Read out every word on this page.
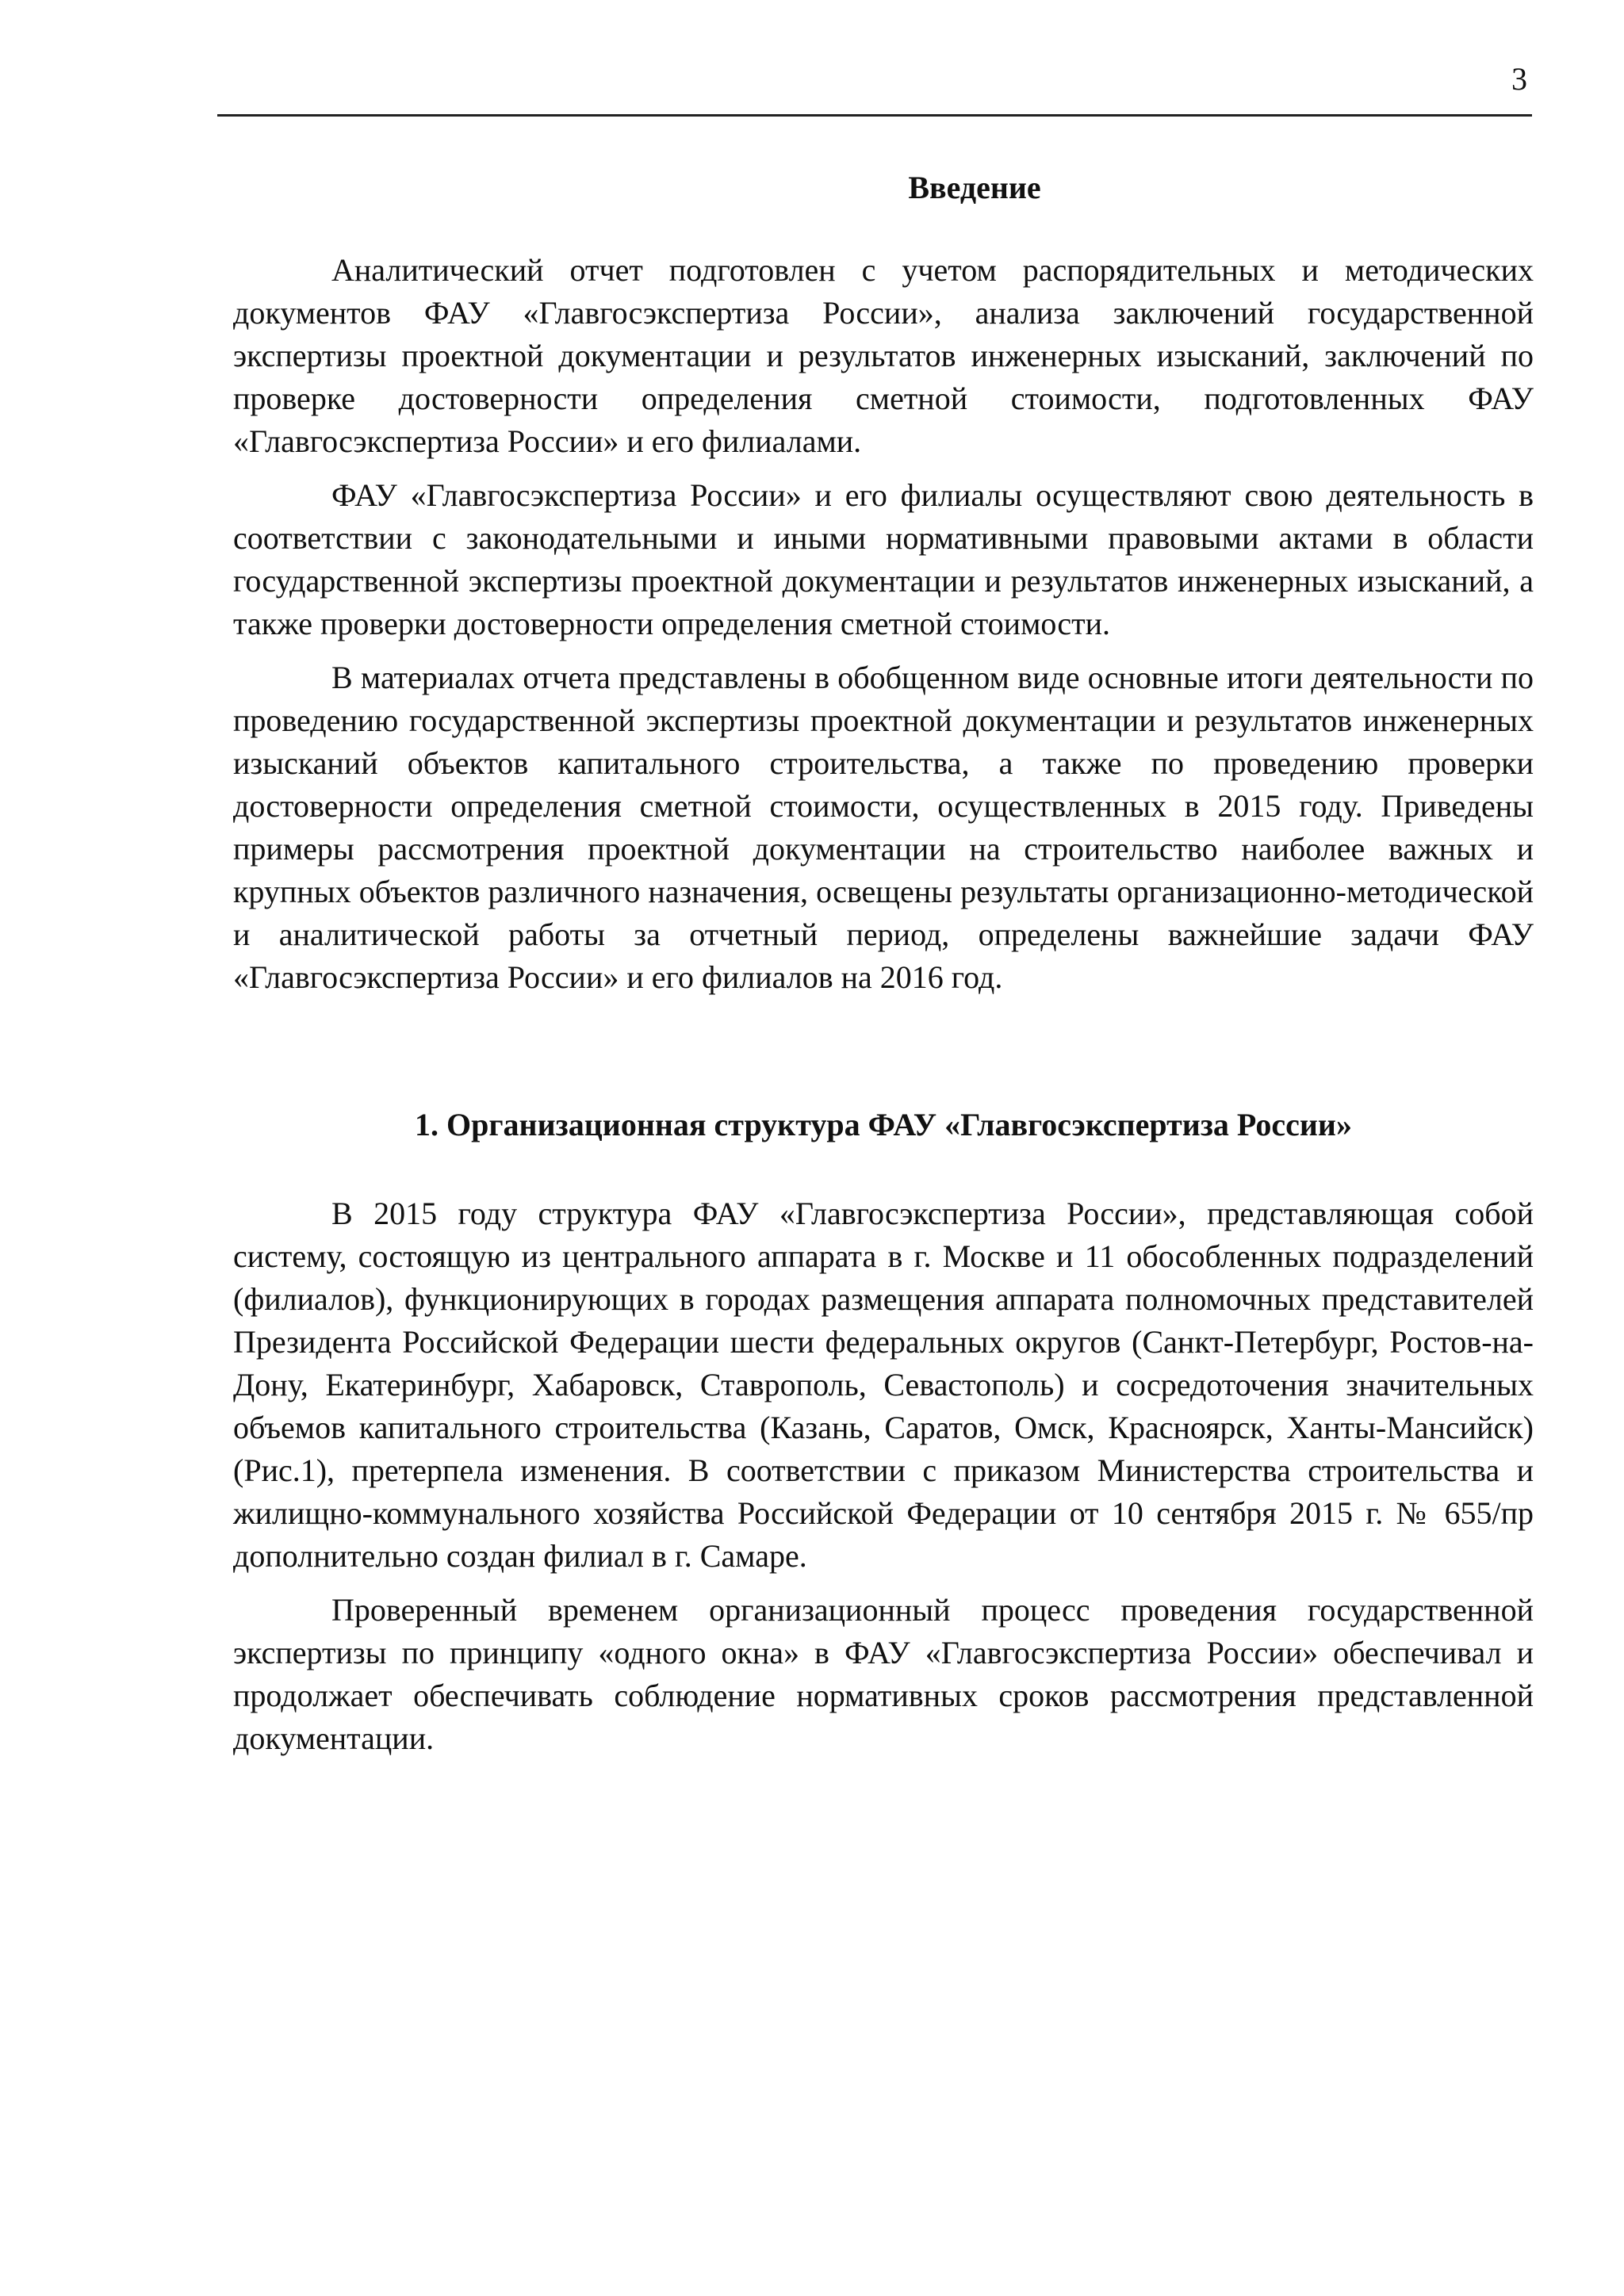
3
Введение

Аналитический отчет подготовлен с учетом распорядительных и методических документов ФАУ «Главгосэкспертиза России», анализа заключений государственной экспертизы проектной документации и результатов инженерных изысканий, заключений по проверке достоверности определения сметной стоимости, подготовленных ФАУ «Главгосэкспертиза России» и его филиалами.

ФАУ «Главгосэкспертиза России» и его филиалы осуществляют свою деятельность в соответствии с законодательными и иными нормативными правовыми актами в области государственной экспертизы проектной документации и результатов инженерных изысканий, а также проверки достоверности определения сметной стоимости.

В материалах отчета представлены в обобщенном виде основные итоги деятельности по проведению государственной экспертизы проектной документации и результатов инженерных изысканий объектов капитального строительства, а также по проведению проверки достоверности определения сметной стоимости, осуществленных в 2015 году. Приведены примеры рассмотрения проектной документации на строительство наиболее важных и крупных объектов различного назначения, освещены результаты организационно-методической и аналитической работы за отчетный период, определены важнейшие задачи ФАУ «Главгосэкспертиза России» и его филиалов на 2016 год.

1. Организационная структура ФАУ «Главгосэкспертиза России»

В 2015 году структура ФАУ «Главгосэкспертиза России», представляющая собой систему, состоящую из центрального аппарата в г. Москве и 11 обособленных подразделений (филиалов), функционирующих в городах размещения аппарата полномочных представителей Президента Российской Федерации шести федеральных округов (Санкт-Петербург, Ростов-на-Дону, Екатеринбург, Хабаровск, Ставрополь, Севастополь) и сосредоточения значительных объемов капитального строительства (Казань, Саратов, Омск, Красноярск, Ханты-Мансийск) (Рис.1), претерпела изменения. В соответствии с приказом Министерства строительства и жилищно-коммунального хозяйства Российской Федерации от 10 сентября 2015 г. № 655/пр дополнительно создан филиал в г. Самаре.

Проверенный временем организационный процесс проведения государственной экспертизы по принципу «одного окна» в ФАУ «Главгосэкспертиза России» обеспечивал и продолжает обеспечивать соблюдение нормативных сроков рассмотрения представленной документации.
